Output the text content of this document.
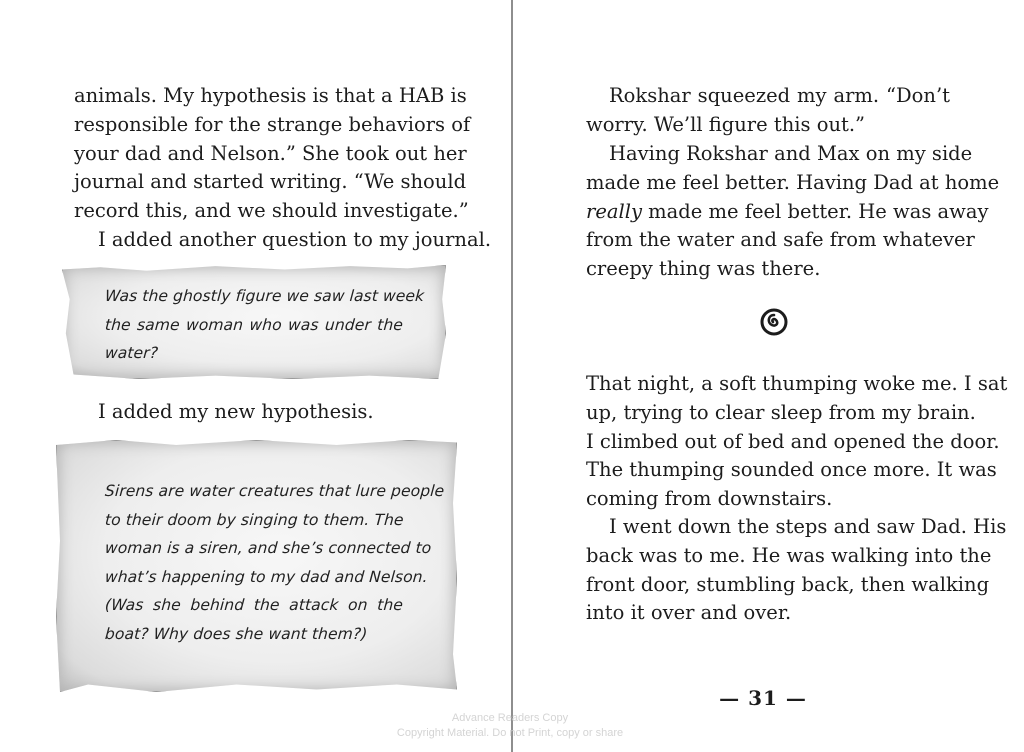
animals. My hypothesis is that a HAB is
responsible for the strange behaviors of
your dad and Nelson.” She took out her
journal and started writing. “We should
record this, and we should investigate.”
I added another question to my journal.
Was the ghostly figure we saw last week
the same woman who was under the
water?
I added my new hypothesis.
Sirens are water creatures that lure people
to their doom by singing to them. The
woman is a siren, and she’s connected to
what’s happening to my dad and Nelson.
(Was she behind the attack on the
boat? Why does she want them?)
Rokshar squeezed my arm. “Don’t
worry. We’ll figure this out.”
Having Rokshar and Max on my side
made me feel better. Having Dad at home
really made me feel better. He was away
from the water and safe from whatever
creepy thing was there.
That night, a soft thumping woke me. I sat
up, trying to clear sleep from my brain.
I climbed out of bed and opened the door.
The thumping sounded once more. It was
coming from downstairs.
I went down the steps and saw Dad. His
back was to me. He was walking into the
front door, stumbling back, then walking
into it over and over.
— 31 —
Advance Readers Copy
Copyright Material. Do not Print, copy or share
